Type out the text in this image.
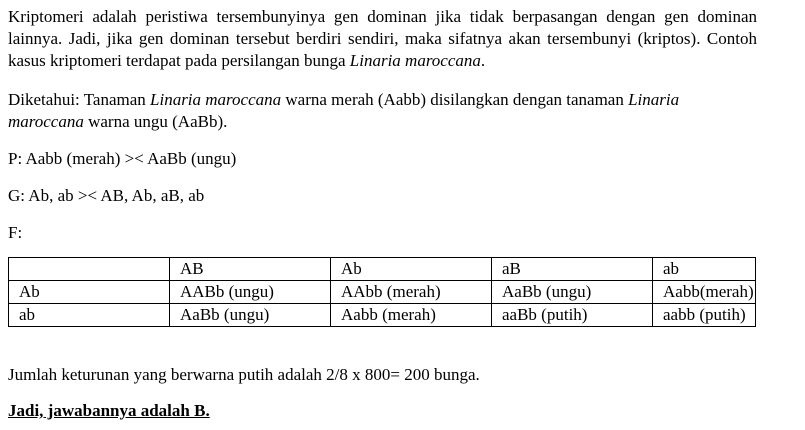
Kriptomeri adalah peristiwa tersembunyinya gen dominan jika tidak berpasangan dengan gen dominan lainnya. Jadi, jika gen dominan tersebut berdiri sendiri, maka sifatnya akan tersembunyi (kriptos). Contoh kasus kriptomeri terdapat pada persilangan bunga Linaria maroccana.

Diketahui: Tanaman Linaria maroccana warna merah (Aabb) disilangkan dengan tanaman Linaria maroccana warna ungu (AaBb).

P: Aabb (merah) >< AaBb (ungu)

G: Ab, ab >< AB, Ab, aB, ab

F:

	AB	Ab	aB	ab
Ab	AABb (ungu)	AAbb (merah)	AaBb (ungu)	Aabb(merah)
ab	AaBb (ungu)	Aabb (merah)	aaBb (putih)	aabb (putih)

Jumlah keturunan yang berwarna putih adalah 2/8 x 800= 200 bunga.

Jadi, jawabannya adalah B.
